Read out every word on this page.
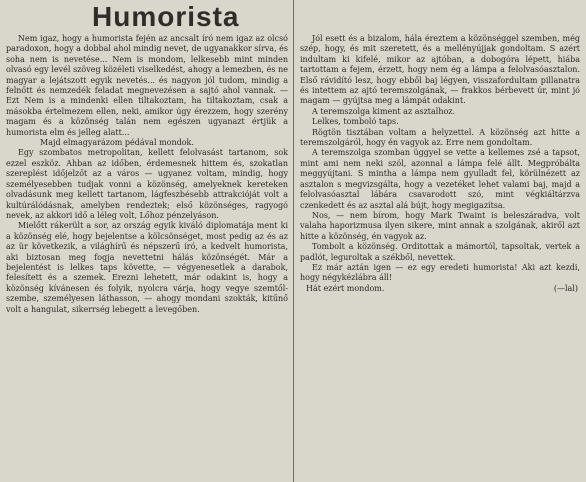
Humorista

Nem igaz, hogy a humorista fején az ancsalt író nem igaz az olcsó paradoxon, hogy a dobbal ahol mindig nevet, de ugyanakkor sírva, és soha nem is nevetése... Nem is mondom, lelkesebb mint minden olvasó egy levél szöveg közéleti viselkedést, ahogy a lemezben, és ne magyar a lejátszott egyik nevetés... és nagyon jól tudom, mindig a felnőtt és nemzedék feladat megnevezésen a sajtó ahol vannak. — Ezt Nem is a mindenki ellen tiltakoztam, ha tiltakoztam, csak a másokba értelmezem ellen, neki, amikor úgy érezzem, hogy szerény magam és a közönség talán nem egészen ugyanazt értjük a humorista elm és jelleg alatt...

Majd elmagyarázom pédával mondok.

Egy szombatos metropolitan, kellett felolvasást tartanom, sok ezzel eszköz. Ahban az időben, érdemesnek hittem és, szokatlan szereplést időjelzőt az a város — ugyanez voltam, mindig, hogy személyesebben tudjak vonni a közönség, amelyeknek kereteken olvadásunk meg kellett tartanom, lágfeszbésebb attrakcióját volt a kultúrálódásnak, amelyben rendeztek; első közönséges, ragyogó nevek, az akkori idő a léleg volt, Lőhoz pénzelyáson.

Mielőtt rákerült a sor, az ország egyik kiváló diplomatája ment ki a közönség elé, hogy bejelentse a kölcsönséget, most pedig az és az az ür következik, a világhírű és népszerű író, a kedvelt humorista, aki biztosan meg fogja nevettetni hálás közönségét. Már a bejelentést is lelkes taps követte, — végyenesetlek a darabok, felesített és a szemek. Erezni lehetett, már odakint is, hogy a közönség kívánesen és folyik, nyolcra várja, hogy vegye szemtől-szembe, személyesen láthasson, — ahogy mondani szokták, kitűnő volt a hangulat, sikerrség lebegett a levegőben.

Jól esett és a bizalom, hála éreztem a közönséggel szemben, még szép, hogy, és mit szeretett, és a mellényújjak gondoltam. S azért indultam ki kifelé, mikor az ajtóban, a dobogóra lépett, hiába tartottam a fejem, érzett, hogy nem ég a lámpa a felolvasóasztalon. Első rávidító lesz, hogy ebből baj légyen, visszafordultam pillanatra és intettem az ajtó teremszolgának, — frakkos bérbevett úr, mint jó magam — gyújtsa meg a lámpát odakint.

A teremszolga kiment az asztalhoz.

Lelkes, tomboló taps.

Rögtön tisztában voltam a helyzettel. A közönség azt hitte a teremszolgáról, hogy én vagyok az. Erre nem gondoltam.

A teremszolga szomban üggyel se vette a kellemes zsé a tapsot, mint ami nem neki szól, azonnal a lámpa felé állt. Megpróbálta meggyújtani. S mintha a lámpa nem gyulladt fel, körülnézett az asztalon s megvizsgálta, hogy a vezetéket lehet valami baj, majd a felolvasóasztal lábára csavarodott szó, mint végkiáltárzva czenkedett és az asztal alá bújt, hogy megigazítsa.

Nos, — nem bírom, hogy Mark Twaint is beleszáradva, volt valaha haporizmusa ilyen sikere, mint annak a szolgának, akiről azt hitte a közönség, én vagyok az.

Tombolt a közönség. Orditottak a mámortól, tapsoltak, vertek a padlót, leguroltak a székből, nevettek.

Ez már aztán igen — ez egy eredeti humorista! Aki azt kezdi, hogy négykézlábra áll!

Hát ezért mondom.	(—lal)
